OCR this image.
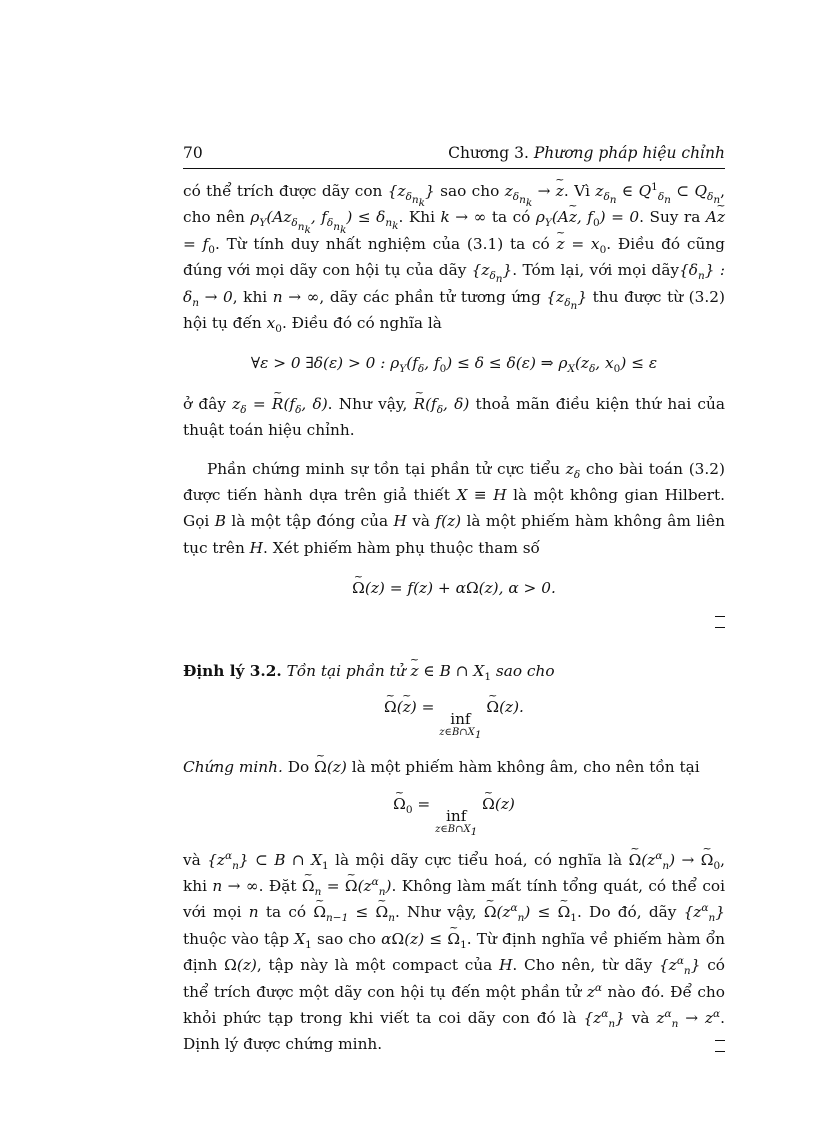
70	Chương 3. Phương pháp hiệu chỉnh

có thể trích được dãy con $\{z_{\delta_{n_k}}\}$ sao cho $z_{\delta_{n_k}}$ → ~ z. Vì $z_{\delta_n}$ ∈ $Q^1_{\delta_n}$ ⊂ $Q_{\delta_n}$, cho nên $\rho_Y(Az_{\delta_{n_k}}$, $f_{\delta_{n_k}}) \le \delta_{n_k}$. Khi k → ∞ ta có $\rho_Y(A\sim$ z, $f_0) = 0$. Suy ra A~ $z = f_0$. Từ tính duy nhất nghiệm của (3.1) ta có ~ $z = x_0$. Điều đó cũng đúng với mọi dãy con hội tụ của dãy $\{z_{\delta_n}\}$. Tóm lại, với mọi $dãy\{\delta_n\}$ : $\delta_n \to 0$, khi n → ∞, dãy các phần tử tương ứng $\{z_{\delta_n}\}$ thu được từ (3.2) hội tụ đến $x_0$. Điều đó có nghĩa là

∀ε > 0 ∃δ(ε) > 0 : $\rho_Y(f_\delta$, $f_0) \le \delta \le \delta(\varepsilon)$ ⇒ $\rho_X(z_\delta$, $x_0) \le \varepsilon$

ở đây $z_\delta$ = ~ $R(f_\delta$, δ). Như vậy, ~ $R(f_\delta$, δ) thoả mãn điều kiện thứ hai của thuật toán hiệu chỉnh.

Phần chứng minh sự tồn tại phần tử cực tiểu $z_\delta$ cho bài toán (3.2) được tiến hành dựa trên giả thiết X ≡ H là một không gian Hilbert. Gọi B là một tập đóng của H và f(z) là một phiếm hàm không âm liên tục trên H. Xét phiếm hàm phụ thuộc tham số

~ Ω(z) = f(z) + αΩ(z), α > 0.

Định lý 3.2. Tồn tại phần tử ~ z ∈ B ∩ $X_1$ sao cho

~ Ω(~ z) =
inf
$z\in B\cap X_1$
~ Ω(z).

Chứng minh. Do ~ Ω(z) là một phiếm hàm không âm, cho nên tồn tại

~ $\Omega_0$ =
inf
$z\in B\cap X_1$
~ Ω(z)

và $\{z^\alpha_n\}$ ⊂ B ∩ $X_1$ là mội dãy cực tiểu hoá, có nghĩa là ~ $\Omega(z^\alpha_n)$ → ~ $\Omega_0$, khi n → ∞. Đặt ~ $\Omega_n$ = ~ $\Omega(z^\alpha_n)$. Không làm mất tính tổng quát, có thể coi với mọi n ta có ~ $\Omega_{n-1}$ ≤ ~ $\Omega_n$. Như vậy, ~ $\Omega(z^\alpha_n)$ ≤ ~ $\Omega_1$. Do đó, dãy $\{z^\alpha_n\}$ thuộc vào tập $X_1$ sao cho αΩ(z) ≤ ~ $\Omega_1$. Từ định nghĩa về phiếm hàm ổn định Ω(z), tập này là một compact của H. Cho nên, từ dãy $\{z^\alpha_n\}$ có thể trích được một dãy con hội tụ đến một phần tử $z^\alpha$ nào đó. Để cho khỏi phức tạp trong khi viết ta coi dãy con đó là $\{z^\alpha_n\}$ và $z^\alpha_n \to z^\alpha$. Dịnh lý được chứng minh.
